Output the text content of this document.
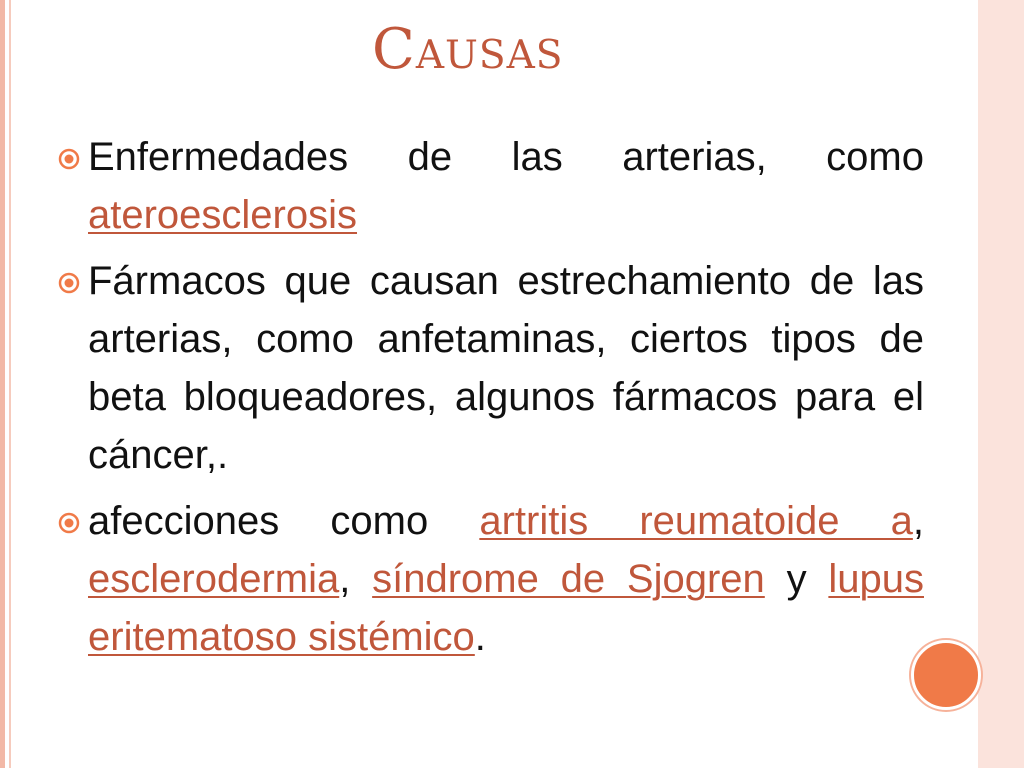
Causas

Enfermedades de las arterias, como ateroesclerosis

Fármacos que causan estrechamiento de las arterias, como anfetaminas, ciertos tipos de beta bloqueadores, algunos fármacos para el cáncer,.

afecciones como artritis reumatoide a, esclerodermia, síndrome de Sjogren y lupus eritematoso sistémico.
